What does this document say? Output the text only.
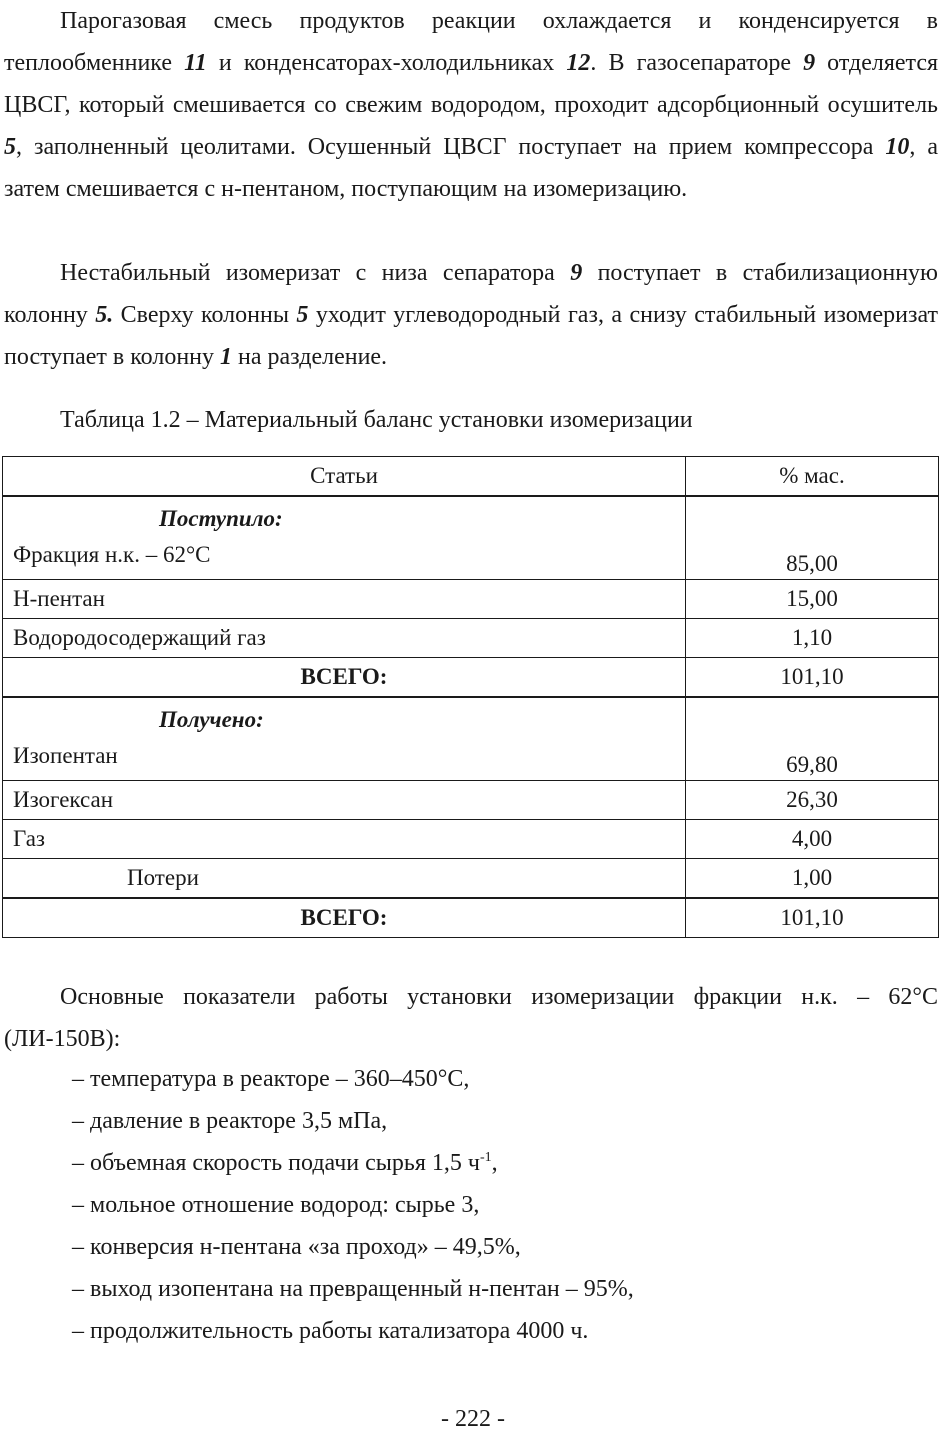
Парогазовая смесь продуктов реакции охлаждается и конденсируется в теплообменнике 11 и конденсаторах-холодильниках 12. В газосепараторе 9 отделяется ЦВСГ, который смешивается со свежим водородом, проходит адсорбционный осушитель 5, заполненный цеолитами. Осушенный ЦВСГ поступает на прием компрессора 10, а затем смешивается с н-пентаном, поступающим на изомеризацию.

Нестабильный изомеризат с низа сепаратора 9 поступает в стабилизационную колонну 5. Сверху колонны 5 уходит углеводородный газ, а снизу стабильный изомеризат поступает в колонну 1 на разделение.

Таблица 1.2 – Материальный баланс установки изомеризации

Статьи	% мас.

Поступило:
Фракция н.к. – 62°С	85,00
Н-пентан	15,00
Водородосодержащий газ	1,10
ВСЕГО:	101,10

Получено:
Изопентан	69,80
Изогексан	26,30
Газ	4,00
Потери	1,00
ВСЕГО:	101,10

Основные показатели работы установки изомеризации фракции н.к. – 62°С (ЛИ-150В):

– температура в реакторе – 360–450°С,
– давление в реакторе 3,5 мПа,
– объемная скорость подачи сырья 1,5 $ч^{-1}$,
– мольное отношение водород: сырье 3,
– конверсия н-пентана «за проход» – 49,5%,
– выход изопентана на превращенный н-пентан – 95%,
– продолжительность работы катализатора 4000 ч.
- 222 -
